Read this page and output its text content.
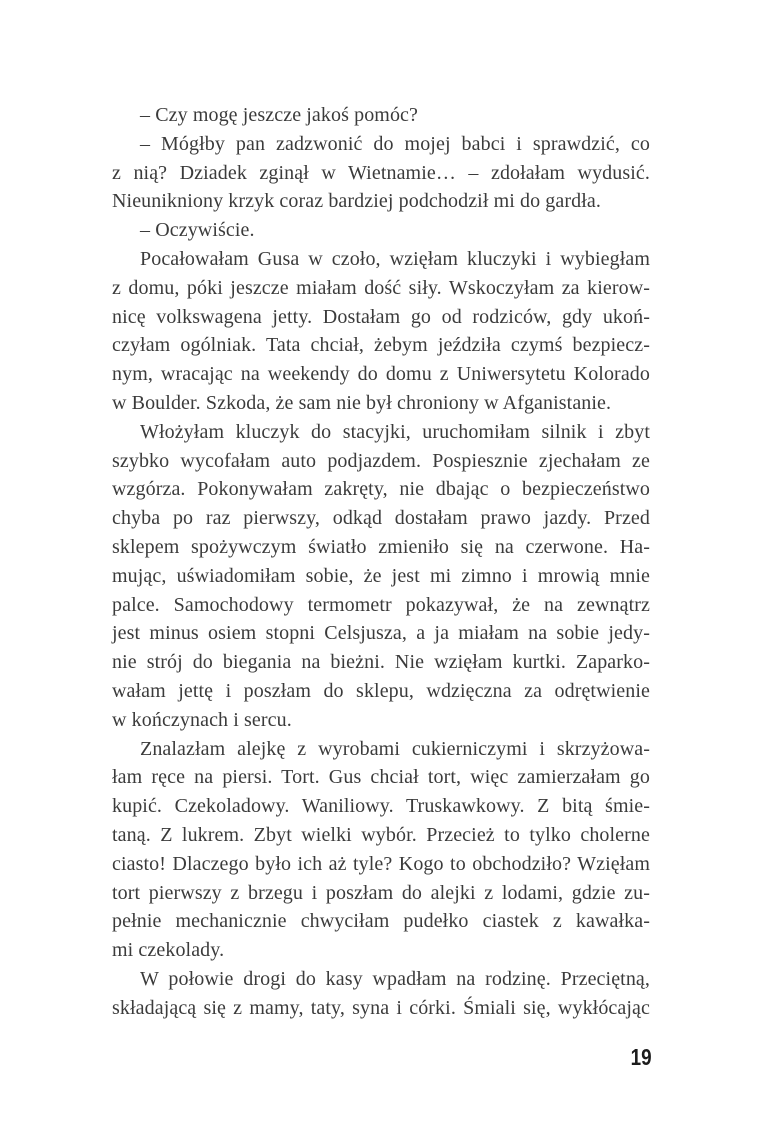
– Czy mogę jeszcze jakoś pomóc?
– Mógłby pan zadzwonić do mojej babci i sprawdzić, co
z nią? Dziadek zginął w Wietnamie… – zdołałam wydusić.
Nieunikniony krzyk coraz bardziej podchodził mi do gardła.
– Oczywiście.
Pocałowałam Gusa w czoło, wzięłam kluczyki i wybiegłam
z domu, póki jeszcze miałam dość siły. Wskoczyłam za kierow-
nicę volkswagena jetty. Dostałam go od rodziców, gdy ukoń-
czyłam ogólniak. Tata chciał, żebym jeździła czymś bezpiecz-
nym, wracając na weekendy do domu z Uniwersytetu Kolorado
w Boulder. Szkoda, że sam nie był chroniony w Afganistanie.
Włożyłam kluczyk do stacyjki, uruchomiłam silnik i zbyt
szybko wycofałam auto podjazdem. Pospiesznie zjechałam ze
wzgórza. Pokonywałam zakręty, nie dbając o bezpieczeństwo
chyba po raz pierwszy, odkąd dostałam prawo jazdy. Przed
sklepem spożywczym światło zmieniło się na czerwone. Ha-
mując, uświadomiłam sobie, że jest mi zimno i mrowią mnie
palce. Samochodowy termometr pokazywał, że na zewnątrz
jest minus osiem stopni Celsjusza, a ja miałam na sobie jedy-
nie strój do biegania na bieżni. Nie wzięłam kurtki. Zaparko-
wałam jettę i poszłam do sklepu, wdzięczna za odrętwienie
w kończynach i sercu.
Znalazłam alejkę z wyrobami cukierniczymi i skrzyżowa-
łam ręce na piersi. Tort. Gus chciał tort, więc zamierzałam go
kupić. Czekoladowy. Waniliowy. Truskawkowy. Z bitą śmie-
taną. Z lukrem. Zbyt wielki wybór. Przecież to tylko cholerne
ciasto! Dlaczego było ich aż tyle? Kogo to obchodziło? Wzięłam
tort pierwszy z brzegu i poszłam do alejki z lodami, gdzie zu-
pełnie mechanicznie chwyciłam pudełko ciastek z kawałka-
mi czekolady.
W połowie drogi do kasy wpadłam na rodzinę. Przeciętną,
składającą się z mamy, taty, syna i córki. Śmiali się, wykłócając
19
